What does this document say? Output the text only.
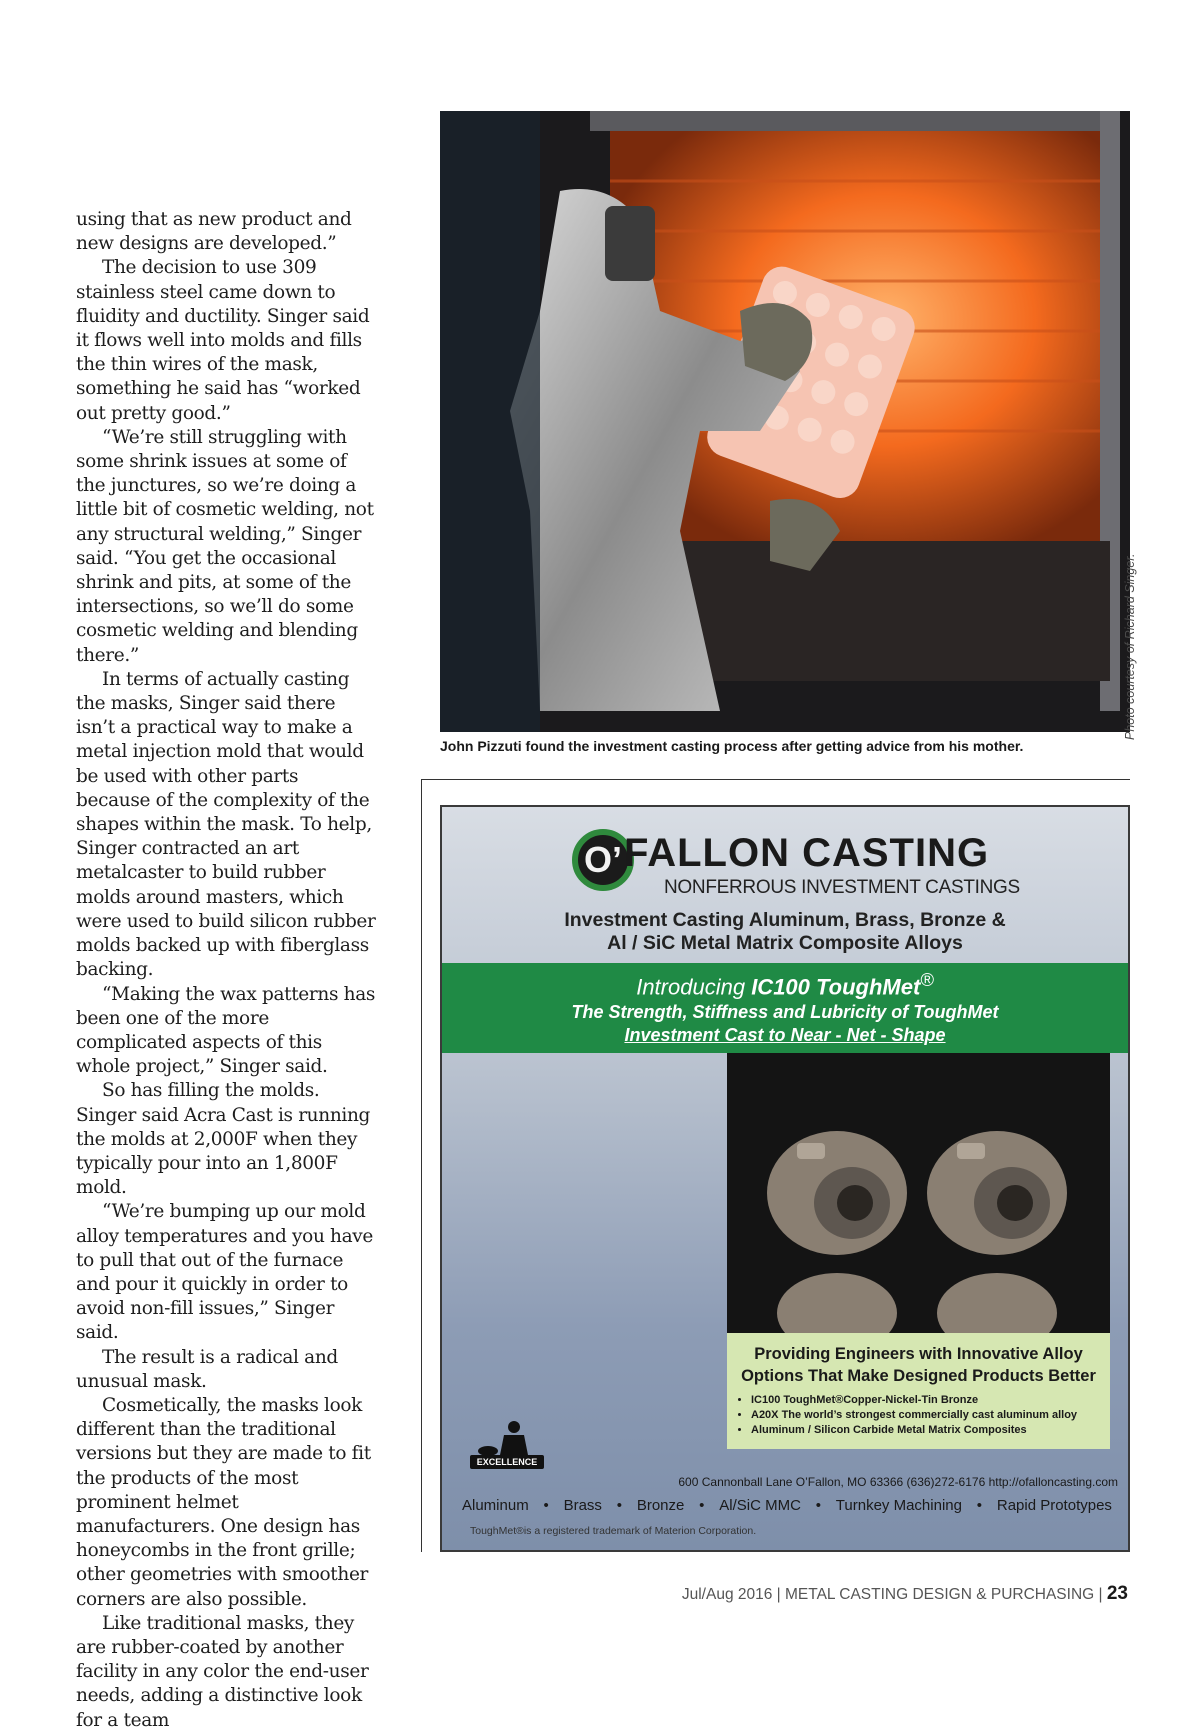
using that as new product and new designs are developed.”

The decision to use 309 stainless steel came down to fluidity and ductility. Singer said it flows well into molds and fills the thin wires of the mask, something he said has “worked out pretty good.”

“We’re still struggling with some shrink issues at some of the junctures, so we’re doing a little bit of cosmetic welding, not any structural welding,” Singer said. “You get the occasional shrink and pits, at some of the intersections, so we’ll do some cosmetic welding and blending there.”

In terms of actually casting the masks, Singer said there isn’t a practical way to make a metal injection mold that would be used with other parts because of the complexity of the shapes within the mask. To help, Singer contracted an art metalcaster to build rubber molds around masters, which were used to build silicon rubber molds backed up with fiberglass backing.

“Making the wax patterns has been one of the more complicated aspects of this whole project,” Singer said.

So has filling the molds. Singer said Acra Cast is running the molds at 2,000F when they typically pour into an 1,800F mold.

“We’re bumping up our mold alloy temperatures and you have to pull that out of the furnace and pour it quickly in order to avoid non-fill issues,” Singer said.

The result is a radical and unusual mask.

Cosmetically, the masks look different than the traditional versions but they are made to fit the products of the most prominent helmet manufacturers. One design has honeycombs in the front grille; other geometries with smoother corners are also possible.

Like traditional masks, they are rubber-coated by another facility in any color the end-user needs, adding a distinctive look for a team

Photo courtesy of Richard Singer.
John Pizzuti found the investment casting process after getting advice from his mother.
O’ FALLON CASTING
NONFERROUS INVESTMENT CASTINGS
Investment Casting Aluminum, Brass, Bronze &
Al / SiC Metal Matrix Composite Alloys
Introducing IC100 ToughMet®
The Strength, Stiffness and Lubricity of ToughMet
Investment Cast to Near - Net - Shape
Providing Engineers with Innovative Alloy Options That Make Designed Products Better
• IC100 ToughMet®Copper-Nickel-Tin Bronze
• A20X The world’s strongest commercially cast aluminum alloy
• Aluminum / Silicon Carbide Metal Matrix Composites
EXCELLENCE
600 Cannonball Lane O’Fallon, MO 63366 (636)272-6176 http://ofalloncasting.com
Aluminum • Brass • Bronze • Al/SiC MMC • Turnkey Machining • Rapid Prototypes
ToughMet®is a registered trademark of Materion Corporation.
Jul/Aug 2016 | METAL CASTING DESIGN & PURCHASING | 23
